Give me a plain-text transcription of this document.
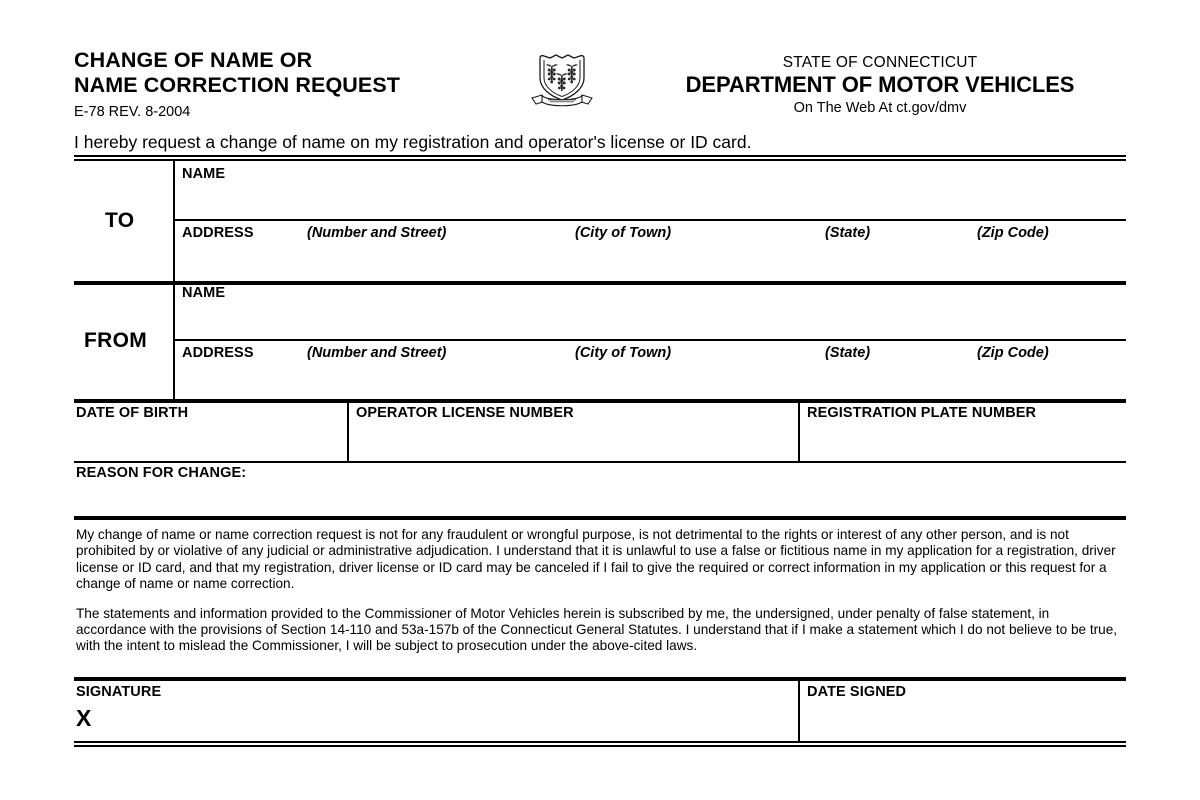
CHANGE OF NAME OR
NAME CORRECTION REQUEST
E-78 REV. 8-2004
STATE OF CONNECTICUT
DEPARTMENT OF MOTOR VEHICLES
On The Web At ct.gov/dmv
I hereby request a change of name on my registration and operator's license or ID card.
TO
NAME
ADDRESS	(Number and Street)	(City of Town)	(State)	(Zip Code)
FROM
NAME
ADDRESS	(Number and Street)	(City of Town)	(State)	(Zip Code)
DATE OF BIRTH	OPERATOR LICENSE NUMBER	REGISTRATION PLATE NUMBER
REASON FOR CHANGE:

My change of name or name correction request is not for any fraudulent or wrongful purpose, is not detrimental to the rights or interest of any other person, and is not prohibited by or violative of any judicial or administrative adjudication. I understand that it is unlawful to use a false or fictitious name in my application for a registration, driver license or ID card, and that my registration, driver license or ID card may be canceled if I fail to give the required or correct information in my application or this request for a change of name or name correction.

The statements and information provided to the Commissioner of Motor Vehicles herein is subscribed by me, the undersigned, under penalty of false statement, in accordance with the provisions of Section 14-110 and 53a-157b of the Connecticut General Statutes. I understand that if I make a statement which I do not believe to be true, with the intent to mislead the Commissioner, I will be subject to prosecution under the above-cited laws.

SIGNATURE
X
DATE SIGNED
